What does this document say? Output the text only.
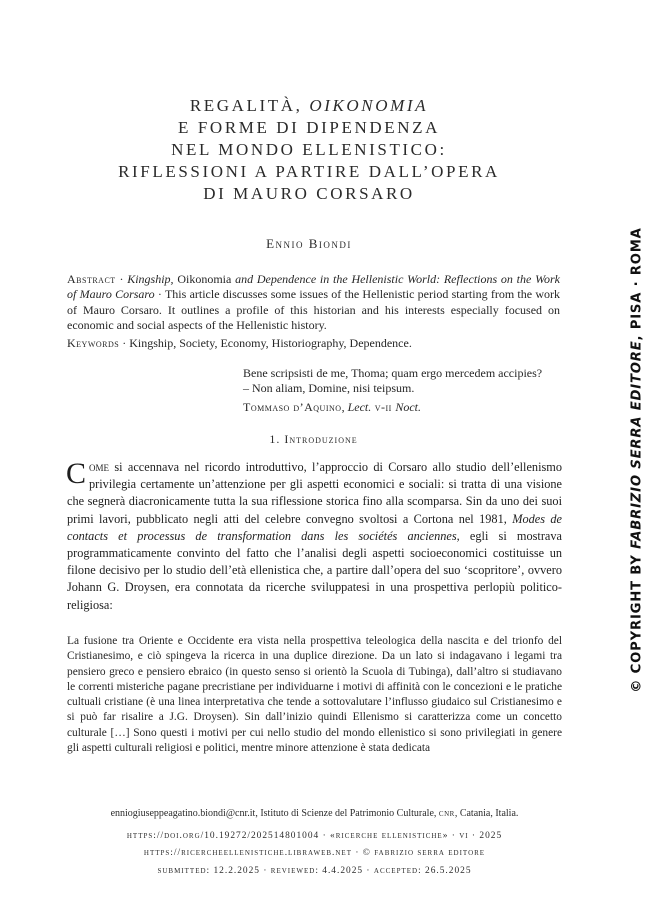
REGALITÀ, OIKONOMIA
E FORME DI DIPENDENZA
NEL MONDO ELLENISTICO:
RIFLESSIONI A PARTIRE DALL’OPERA
DI MAURO CORSARO
Ennio Biondi
Abstract · Kingship, Oikonomia and Dependence in the Hellenistic World: Reflections on the Work of Mauro Corsaro · This article discusses some issues of the Hellenistic period starting from the work of Mauro Corsaro. It outlines a profile of this historian and his interests especially focused on economic and social aspects of the Hellenistic history.
Keywords · Kingship, Society, Economy, Historiography, Dependence.
Bene scripsisti de me, Thoma; quam ergo mercedem accipies?
– Non aliam, Domine, nisi teipsum.
Tommaso d’Aquino, Lect. v-ii Noct.
1. Introduzione
Come si accennava nel ricordo introduttivo, l’approccio di Corsaro allo studio dell’ellenismo privilegia certamente un’attenzione per gli aspetti economici e sociali: si tratta di una visione che segnerà diacronicamente tutta la sua riflessione storica fino alla scomparsa. Sin da uno dei suoi primi lavori, pubblicato negli atti del celebre convegno svoltosi a Cortona nel 1981, Modes de contacts et processus de transformation dans les sociétés anciennes, egli si mostrava programmaticamente convinto del fatto che l’analisi degli aspetti socioeconomici costituisse un filone decisivo per lo studio dell’età ellenistica che, a partire dall’opera del suo ‘scopritore’, ovvero Johann G. Droysen, era connotata da ricerche sviluppatesi in una prospettiva perlopiù politico-religiosa:
La fusione tra Oriente e Occidente era vista nella prospettiva teleologica della nascita e del trionfo del Cristianesimo, e ciò spingeva la ricerca in una duplice direzione. Da un lato si indagavano i legami tra pensiero greco e pensiero ebraico (in questo senso si orientò la Scuola di Tubinga), dall’altro si studiavano le correnti misteriche pagane precristiane per individuarne i motivi di affinità con le concezioni e le pratiche cultuali cristiane (è una linea interpretativa che tende a sottovalutare l’influsso giudaico sul Cristianesimo e si può far risalire a J.G. Droysen). Sin dall’inizio quindi Ellenismo si caratterizza come un concetto culturale […] Sono questi i motivi per cui nello studio del mondo ellenistico si sono privilegiati in genere gli aspetti culturali religiosi e politici, mentre minore attenzione è stata dedicata
enniogiuseppeagatino.biondi@cnr.it, Istituto di Scienze del Patrimonio Culturale, cnr, Catania, Italia.
https://doi.org/10.19272/202514801004 · «ricerche ellenistiche» · vi · 2025
https://ricercheellenistiche.libraweb.net · © fabrizio serra editore
submitted: 12.2.2025 · reviewed: 4.4.2025 · accepted: 26.5.2025
© COPYRIGHT BY FABRIZIO SERRA EDITORE, PISA · ROMA
